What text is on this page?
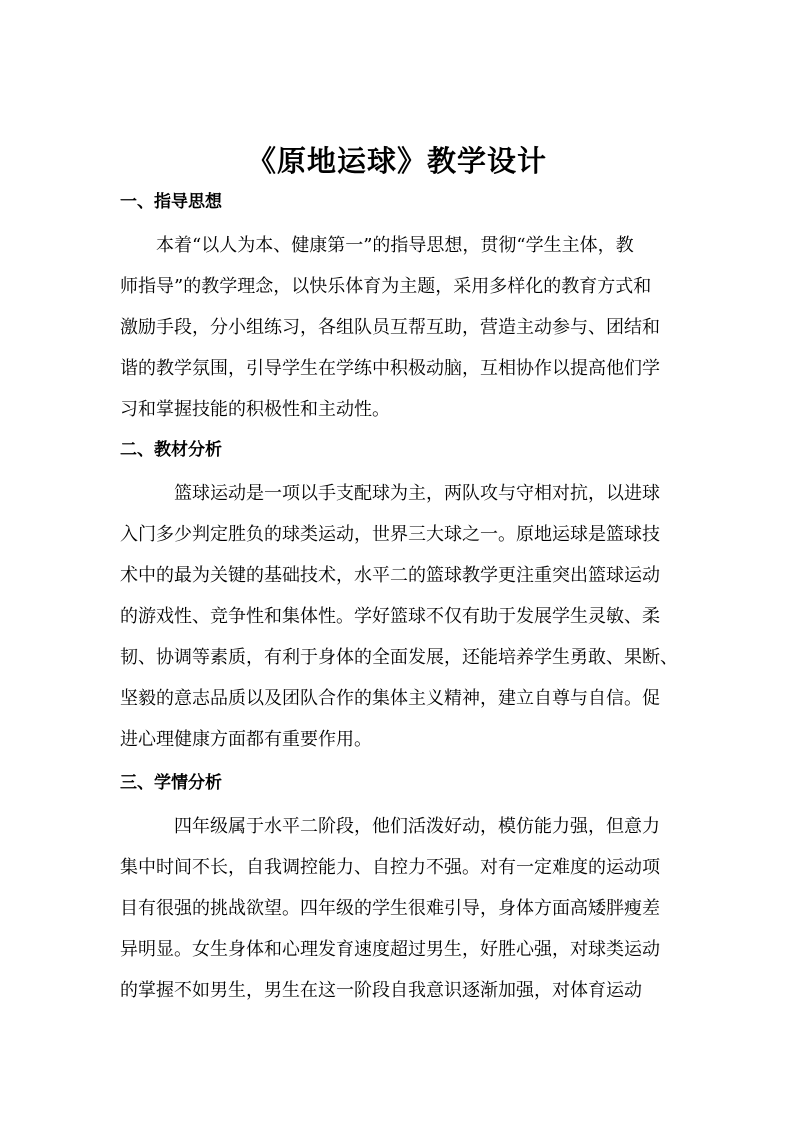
《原地运球》教学设计
一、指导思想
　　本着“以人为本、健康第一”的指导思想，贯彻“学生主体，教
师指导”的教学理念，以快乐体育为主题，采用多样化的教育方式和
激励手段，分小组练习，各组队员互帮互助，营造主动参与、团结和
谐的教学氛围，引导学生在学练中积极动脑，互相协作以提高他们学
习和掌握技能的积极性和主动性。
二、教材分析
　　　篮球运动是一项以手支配球为主，两队攻与守相对抗，以进球
入门多少判定胜负的球类运动，世界三大球之一。原地运球是篮球技
术中的最为关键的基础技术，水平二的篮球教学更注重突出篮球运动
的游戏性、竞争性和集体性。学好篮球不仅有助于发展学生灵敏、柔
韧、协调等素质，有利于身体的全面发展，还能培养学生勇敢、果断、
坚毅的意志品质以及团队合作的集体主义精神，建立自尊与自信。促
进心理健康方面都有重要作用。
三、学情分析
　　　四年级属于水平二阶段，他们活泼好动，模仿能力强，但意力
集中时间不长，自我调控能力、自控力不强。对有一定难度的运动项
目有很强的挑战欲望。四年级的学生很难引导，身体方面高矮胖瘦差
异明显。女生身体和心理发育速度超过男生，好胜心强，对球类运动
的掌握不如男生，男生在这一阶段自我意识逐渐加强，对体育运动
